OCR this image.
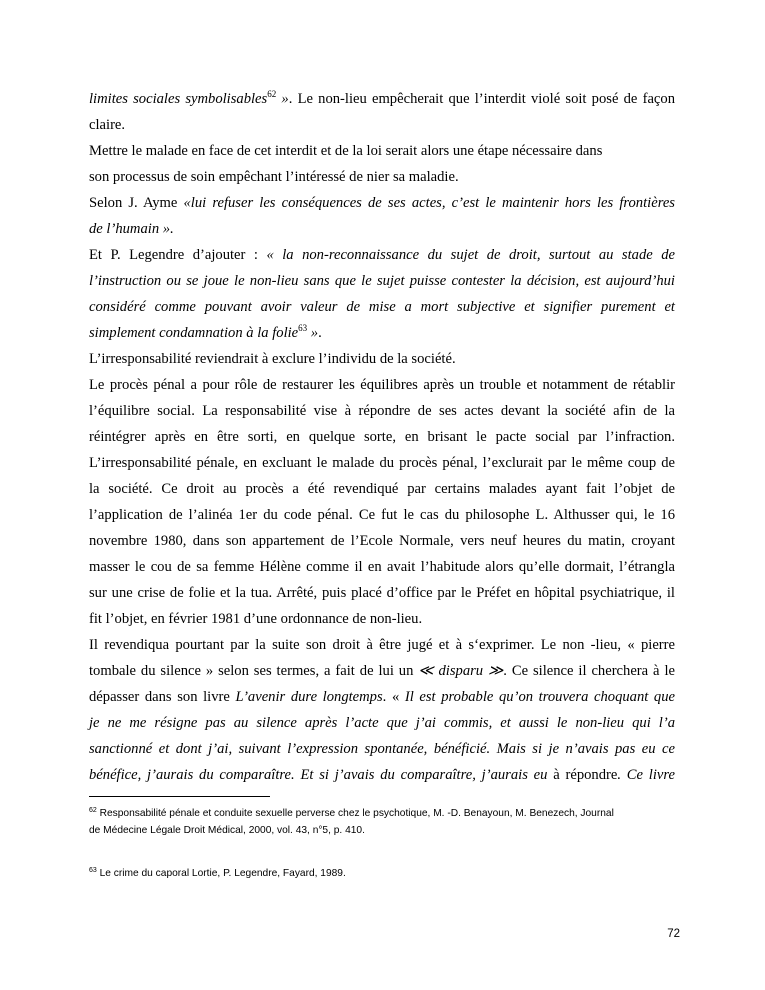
limites sociales symbolisables$^{62}$ ». Le non-lieu empêcherait que l’interdit violé soit posé de façon
claire.
Mettre le malade en face de cet interdit et de la loi serait alors une étape nécessaire dans
son processus de soin empêchant l’intéressé de nier sa maladie.
Selon J. Ayme «lui refuser les conséquences de ses actes, c’est le maintenir hors les frontières
de l’humain ».
Et P. Legendre d’ajouter : « la non-reconnaissance du sujet de droit, surtout au stade de
l’instruction ou se joue le non-lieu sans que le sujet puisse contester la décision, est aujourd’hui
considéré comme pouvant avoir valeur de mise a mort subjective et signifier purement et
simplement condamnation à la folie$^{63}$ ».
L’irresponsabilité reviendrait à exclure l’individu de la société.
Le procès pénal a pour rôle de restaurer les équilibres après un trouble et notamment de rétablir
l’équilibre social. La responsabilité vise à répondre de ses actes devant la société afin de la
réintégrer après en être sorti, en quelque sorte, en brisant le pacte social par l’infraction.
L’irresponsabilité pénale, en excluant le malade du procès pénal, l’exclurait par le même coup de
la société. Ce droit au procès a été revendiqué par certains malades ayant fait l’objet de
l’application de l’alinéa 1er du code pénal. Ce fut le cas du philosophe L. Althusser qui, le 16
novembre 1980, dans son appartement de l’Ecole Normale, vers neuf heures du matin, croyant
masser le cou de sa femme Hélène comme il en avait l’habitude alors qu’elle dormait, l’étrangla
sur une crise de folie et la tua. Arrêté, puis placé d’office par le Préfet en hôpital psychiatrique, il
fit l’objet, en février 1981 d’une ordonnance de non-lieu.
Il revendiqua pourtant par la suite son droit à être jugé et à s‘exprimer. Le non -lieu, « pierre
tombale du silence » selon ses termes, a fait de lui un ≪ disparu ≫. Ce silence il cherchera à le
dépasser dans son livre L’avenir dure longtemps. « Il est probable qu’on trouvera choquant que
je ne me résigne pas au silence après l’acte que j’ai commis, et aussi le non-lieu qui l’a
sanctionné et dont j’ai, suivant l’expression spontanée, bénéficié. Mais si je n’avais pas eu ce
bénéfice, j’aurais du comparaître. Et si j’avais du comparaître, j’aurais eu à répondre. Ce livre
$^{62}$ Responsabilité pénale et conduite sexuelle perverse chez le psychotique, M. -D. Benayoun, M. Benezech, Journal
de Médecine Légale Droit Médical, 2000, vol. 43, n°5, p. 410.
$^{63}$ Le crime du caporal Lortie, P. Legendre, Fayard, 1989.
72
